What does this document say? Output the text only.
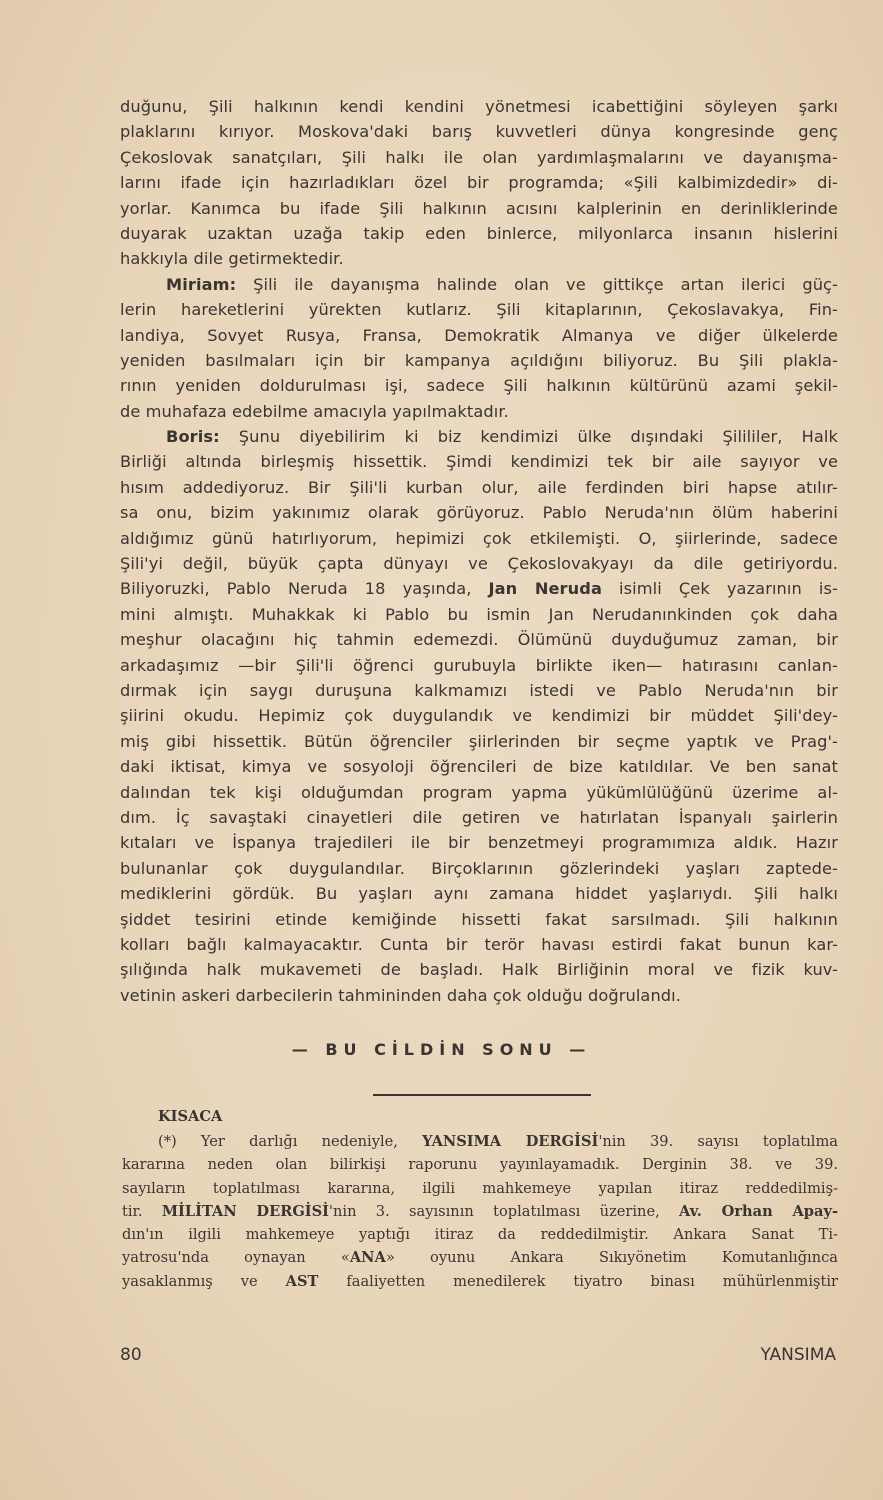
duğunu, Şili halkının kendi kendini yönetmesi icabettiğini söyleyen şarkı
plaklarını kırıyor. Moskova'daki barış kuvvetleri dünya kongresinde genç
Çekoslovak sanatçıları, Şili halkı ile olan yardımlaşmalarını ve dayanışma-
larını ifade için hazırladıkları özel bir programda; «Şili kalbimizdedir» di-
yorlar. Kanımca bu ifade Şili halkının acısını kalplerinin en derinliklerinde
duyarak uzaktan uzağa takip eden binlerce, milyonlarca insanın hislerini
hakkıyla dile getirmektedir.
Miriam: Şili ile dayanışma halinde olan ve gittikçe artan ilerici güç-
lerin hareketlerini yürekten kutlarız. Şili kitaplarının, Çekoslavakya, Fin-
landiya, Sovyet Rusya, Fransa, Demokratik Almanya ve diğer ülkelerde
yeniden basılmaları için bir kampanya açıldığını biliyoruz. Bu Şili plakla-
rının yeniden doldurulması işi, sadece Şili halkının kültürünü azami şekil-
de muhafaza edebilme amacıyla yapılmaktadır.
Boris: Şunu diyebilirim ki biz kendimizi ülke dışındaki Şilililer, Halk
Birliği altında birleşmiş hissettik. Şimdi kendimizi tek bir aile sayıyor ve
hısım addediyoruz. Bir Şili'li kurban olur, aile ferdinden biri hapse atılır-
sa onu, bizim yakınımız olarak görüyoruz. Pablo Neruda'nın ölüm haberini
aldığımız günü hatırlıyorum, hepimizi çok etkilemişti. O, şiirlerinde, sadece
Şili'yi değil, büyük çapta dünyayı ve Çekoslovakyayı da dile getiriyordu.
Biliyoruzki, Pablo Neruda 18 yaşında, Jan Neruda isimli Çek yazarının is-
mini almıştı. Muhakkak ki Pablo bu ismin Jan Nerudanınkinden çok daha
meşhur olacağını hiç tahmin edemezdi. Ölümünü duyduğumuz zaman, bir
arkadaşımız —bir Şili'li öğrenci gurubuyla birlikte iken— hatırasını canlan-
dırmak için saygı duruşuna kalkmamızı istedi ve Pablo Neruda'nın bir
şiirini okudu. Hepimiz çok duygulandık ve kendimizi bir müddet Şili'dey-
miş gibi hissettik. Bütün öğrenciler şiirlerinden bir seçme yaptık ve Prag'-
daki iktisat, kimya ve sosyoloji öğrencileri de bize katıldılar. Ve ben sanat
dalından tek kişi olduğumdan program yapma yükümlülüğünü üzerime al-
dım. İç savaştaki cinayetleri dile getiren ve hatırlatan İspanyalı şairlerin
kıtaları ve İspanya trajedileri ile bir benzetmeyi programımıza aldık. Hazır
bulunanlar çok duygulandılar. Birçoklarının gözlerindeki yaşları zaptede-
mediklerini gördük. Bu yaşları aynı zamana hiddet yaşlarıydı. Şili halkı
şiddet tesirini etinde kemiğinde hissetti fakat sarsılmadı. Şili halkının
kolları bağlı kalmayacaktır. Cunta bir terör havası estirdi fakat bunun kar-
şılığında halk mukavemeti de başladı. Halk Birliğinin moral ve fizik kuv-
vetinin askeri darbecilerin tahmininden daha çok olduğu doğrulandı.
— BU CİLDİN SONU —
KISACA
(*) Yer darlığı nedeniyle, YANSIMA DERGİSİ'nin 39. sayısı toplatılma
kararına neden olan bilirkişi raporunu yayınlayamadık. Derginin 38. ve 39.
sayıların toplatılması kararına, ilgili mahkemeye yapılan itiraz reddedilmiş-
tir. MİLİTAN DERGİSİ'nin 3. sayısının toplatılması üzerine, Av. Orhan Apay-
dın'ın ilgili mahkemeye yaptığı itiraz da reddedilmiştir. Ankara Sanat Ti-
yatrosu'nda oynayan «ANA» oyunu Ankara Sıkıyönetim Komutanlığınca
yasaklanmış ve AST faaliyetten menedilerek tiyatro binası mühürlenmiştir
80	YANSIMA
